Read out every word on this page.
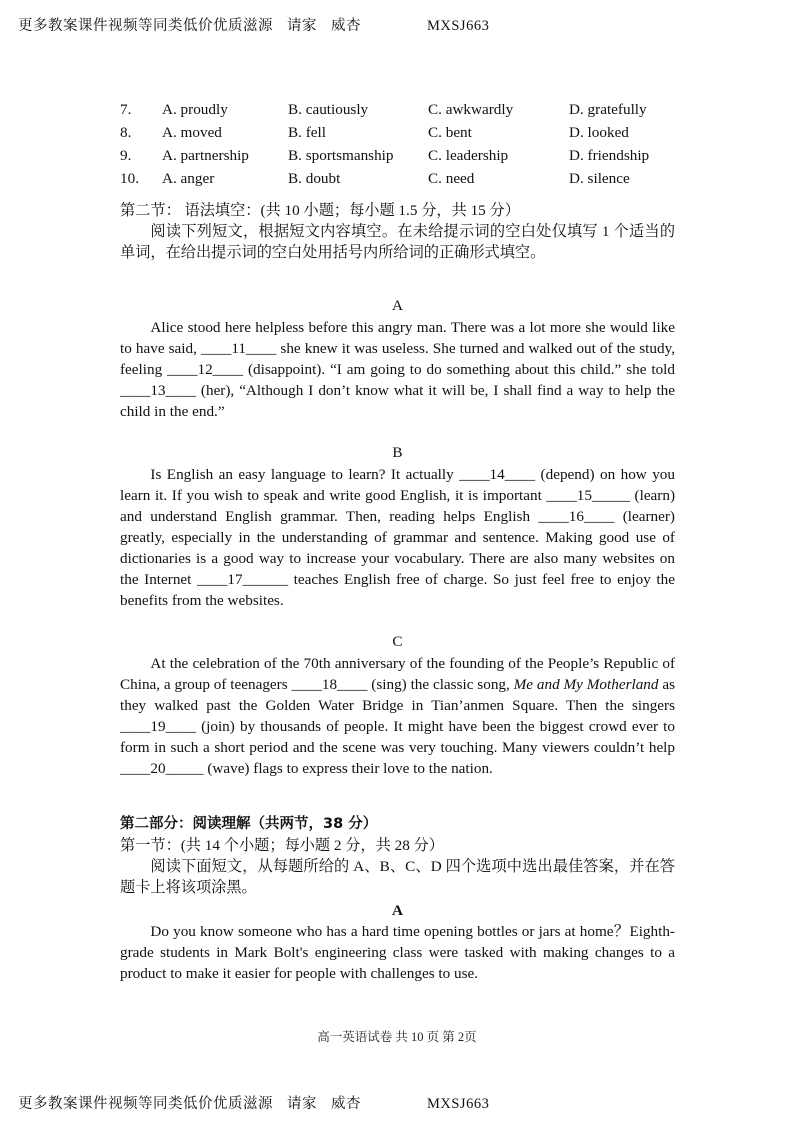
更多教案课件视频等同类低价优质滋源 请家 威杏	MXSJ663
7.	A. proudly	B. cautiously	C. awkwardly	D. gratefully
8.	A. moved	B. fell	C. bent	D. looked
9.	A. partnership	B. sportsmanship	C. leadership	D. friendship
10.	A. anger	B. doubt	C. need	D. silence
第二节： 语法填空：(共 10 小题；每小题 1.5 分，共 15 分）

阅读下列短文，根据短文内容填空。在未给提示词的空白处仅填写 1 个适当的单词，在给出提示词的空白处用括号内所给词的正确形式填空。

A

Alice stood here helpless before this angry man. There was a lot more she would like to have said, ____11____ she knew it was useless. She turned and walked out of the study, feeling ____12____ (disappoint). “I am going to do something about this child.” she told ____13____ (her), “Although I don’t know what it will be, I shall find a way to help the child in the end.”

B

Is English an easy language to learn? It actually ____14____ (depend) on how you learn it. If you wish to speak and write good English, it is important ____15_____ (learn) and understand English grammar. Then, reading helps English ____16____ (learner) greatly, especially in the understanding of grammar and sentence. Making good use of dictionaries is a good way to increase your vocabulary. There are also many websites on the Internet ____17______ teaches English free of charge. So just feel free to enjoy the benefits from the websites.

C

At the celebration of the 70th anniversary of the founding of the People’s Republic of China, a group of teenagers ____18____ (sing) the classic song, Me and My Motherland as they walked past the Golden Water Bridge in Tian’anmen Square. Then the singers ____19____ (join) by thousands of people. It might have been the biggest crowd ever to form in such a short period and the scene was very touching. Many viewers couldn’t help ____20_____ (wave) flags to express their love to the nation.

第二部分：阅读理解（共两节，38 分）
第一节：(共 14 个小题；每小题 2 分，共 28 分）

阅读下面短文，从每题所给的 A、B、C、D 四个选项中选出最佳答案，并在答题卡上将该项涂黑。

A

Do you know someone who has a hard time opening bottles or jars at home？Eighth-grade students in Mark Bolt's engineering class were tasked with making changes to a product to make it easier for people with challenges to use.

高一英语试卷 共 10 页 第 2页
更多教案课件视频等同类低价优质滋源 请家 威杏	MXSJ663
